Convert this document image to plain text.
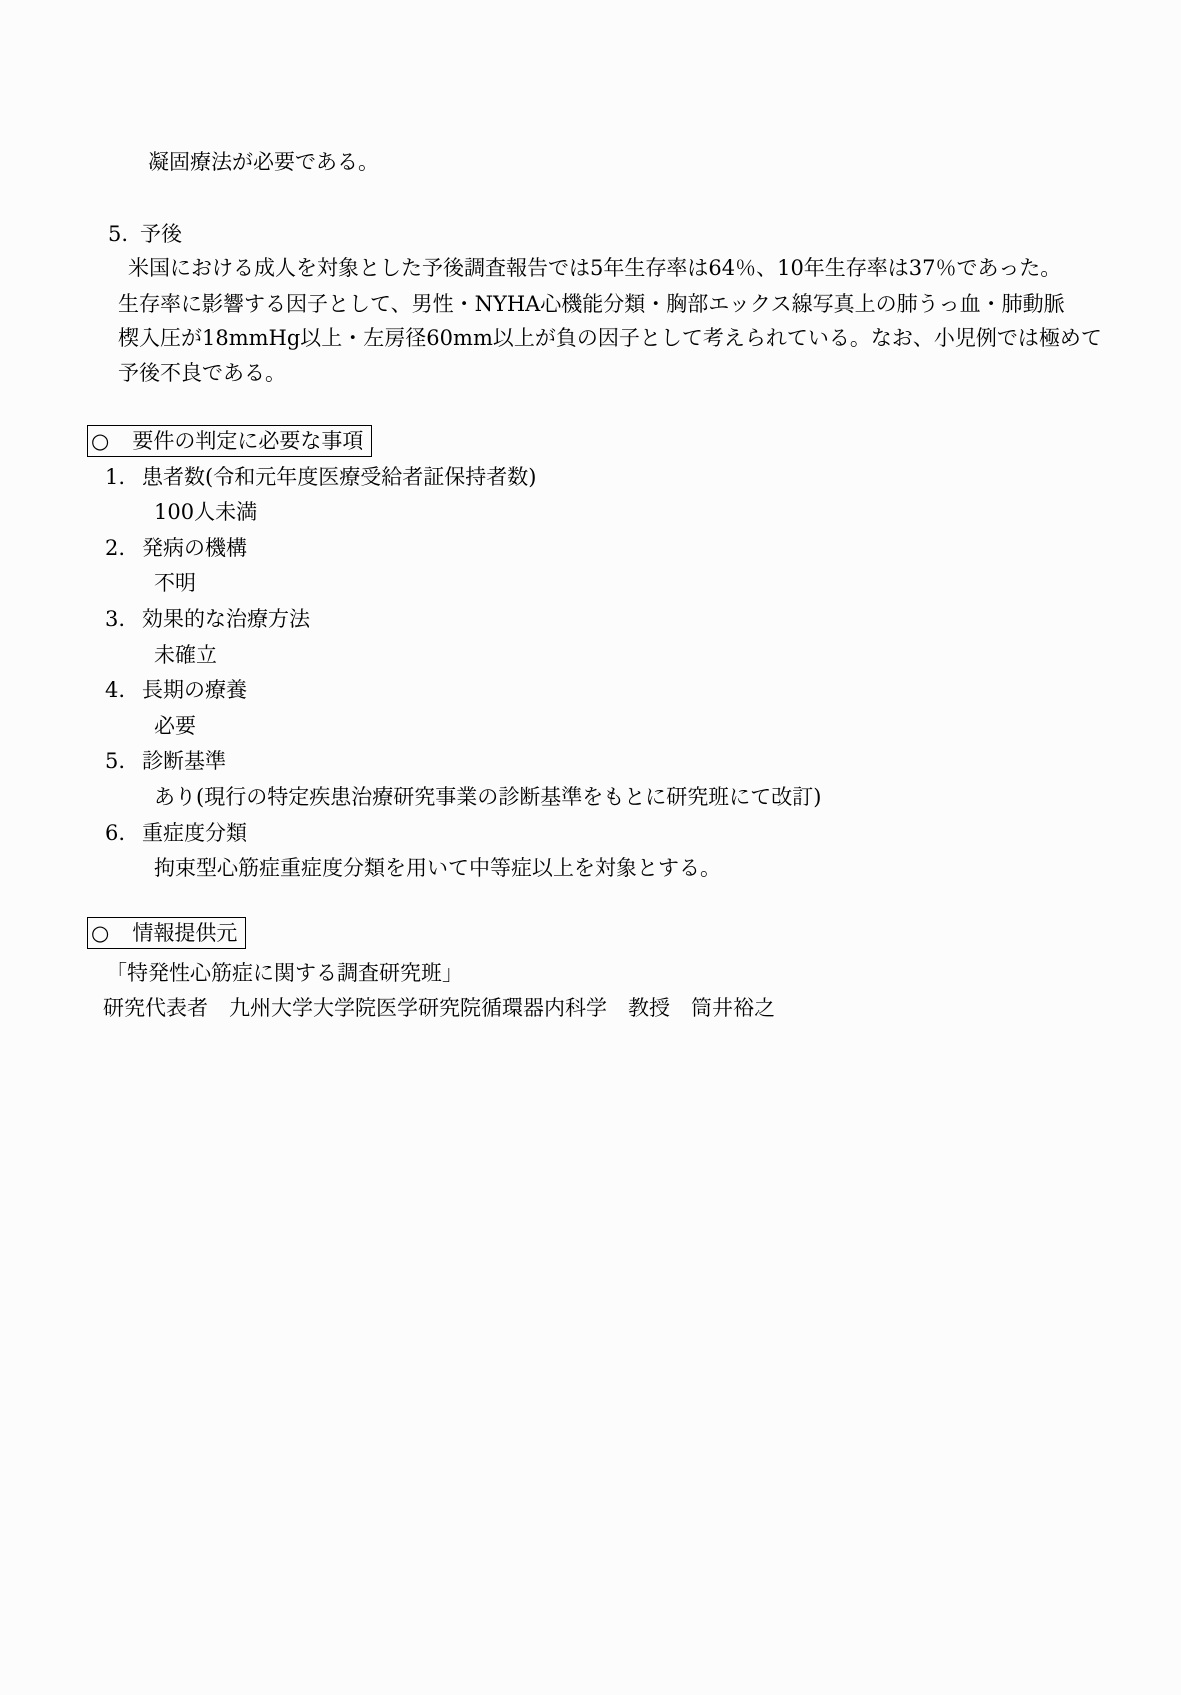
凝固療法が必要である。
5. 予後
米国における成人を対象とした予後調査報告では5年生存率は64％、10年生存率は37％であった。
生存率に影響する因子として、男性・NYHA心機能分類・胸部エックス線写真上の肺うっ血・肺動脈
楔入圧が18mmHg以上・左房径60mm以上が負の因子として考えられている。なお、小児例では極めて
予後不良である。
○ 要件の判定に必要な事項
1. 患者数(令和元年度医療受給者証保持者数)
100人未満
2. 発病の機構
不明
3. 効果的な治療方法
未確立
4. 長期の療養
必要
5. 診断基準
あり(現行の特定疾患治療研究事業の診断基準をもとに研究班にて改訂)
6. 重症度分類
拘束型心筋症重症度分類を用いて中等症以上を対象とする。
○ 情報提供元
「特発性心筋症に関する調査研究班」
研究代表者　九州大学大学院医学研究院循環器内科学　教授　筒井裕之
